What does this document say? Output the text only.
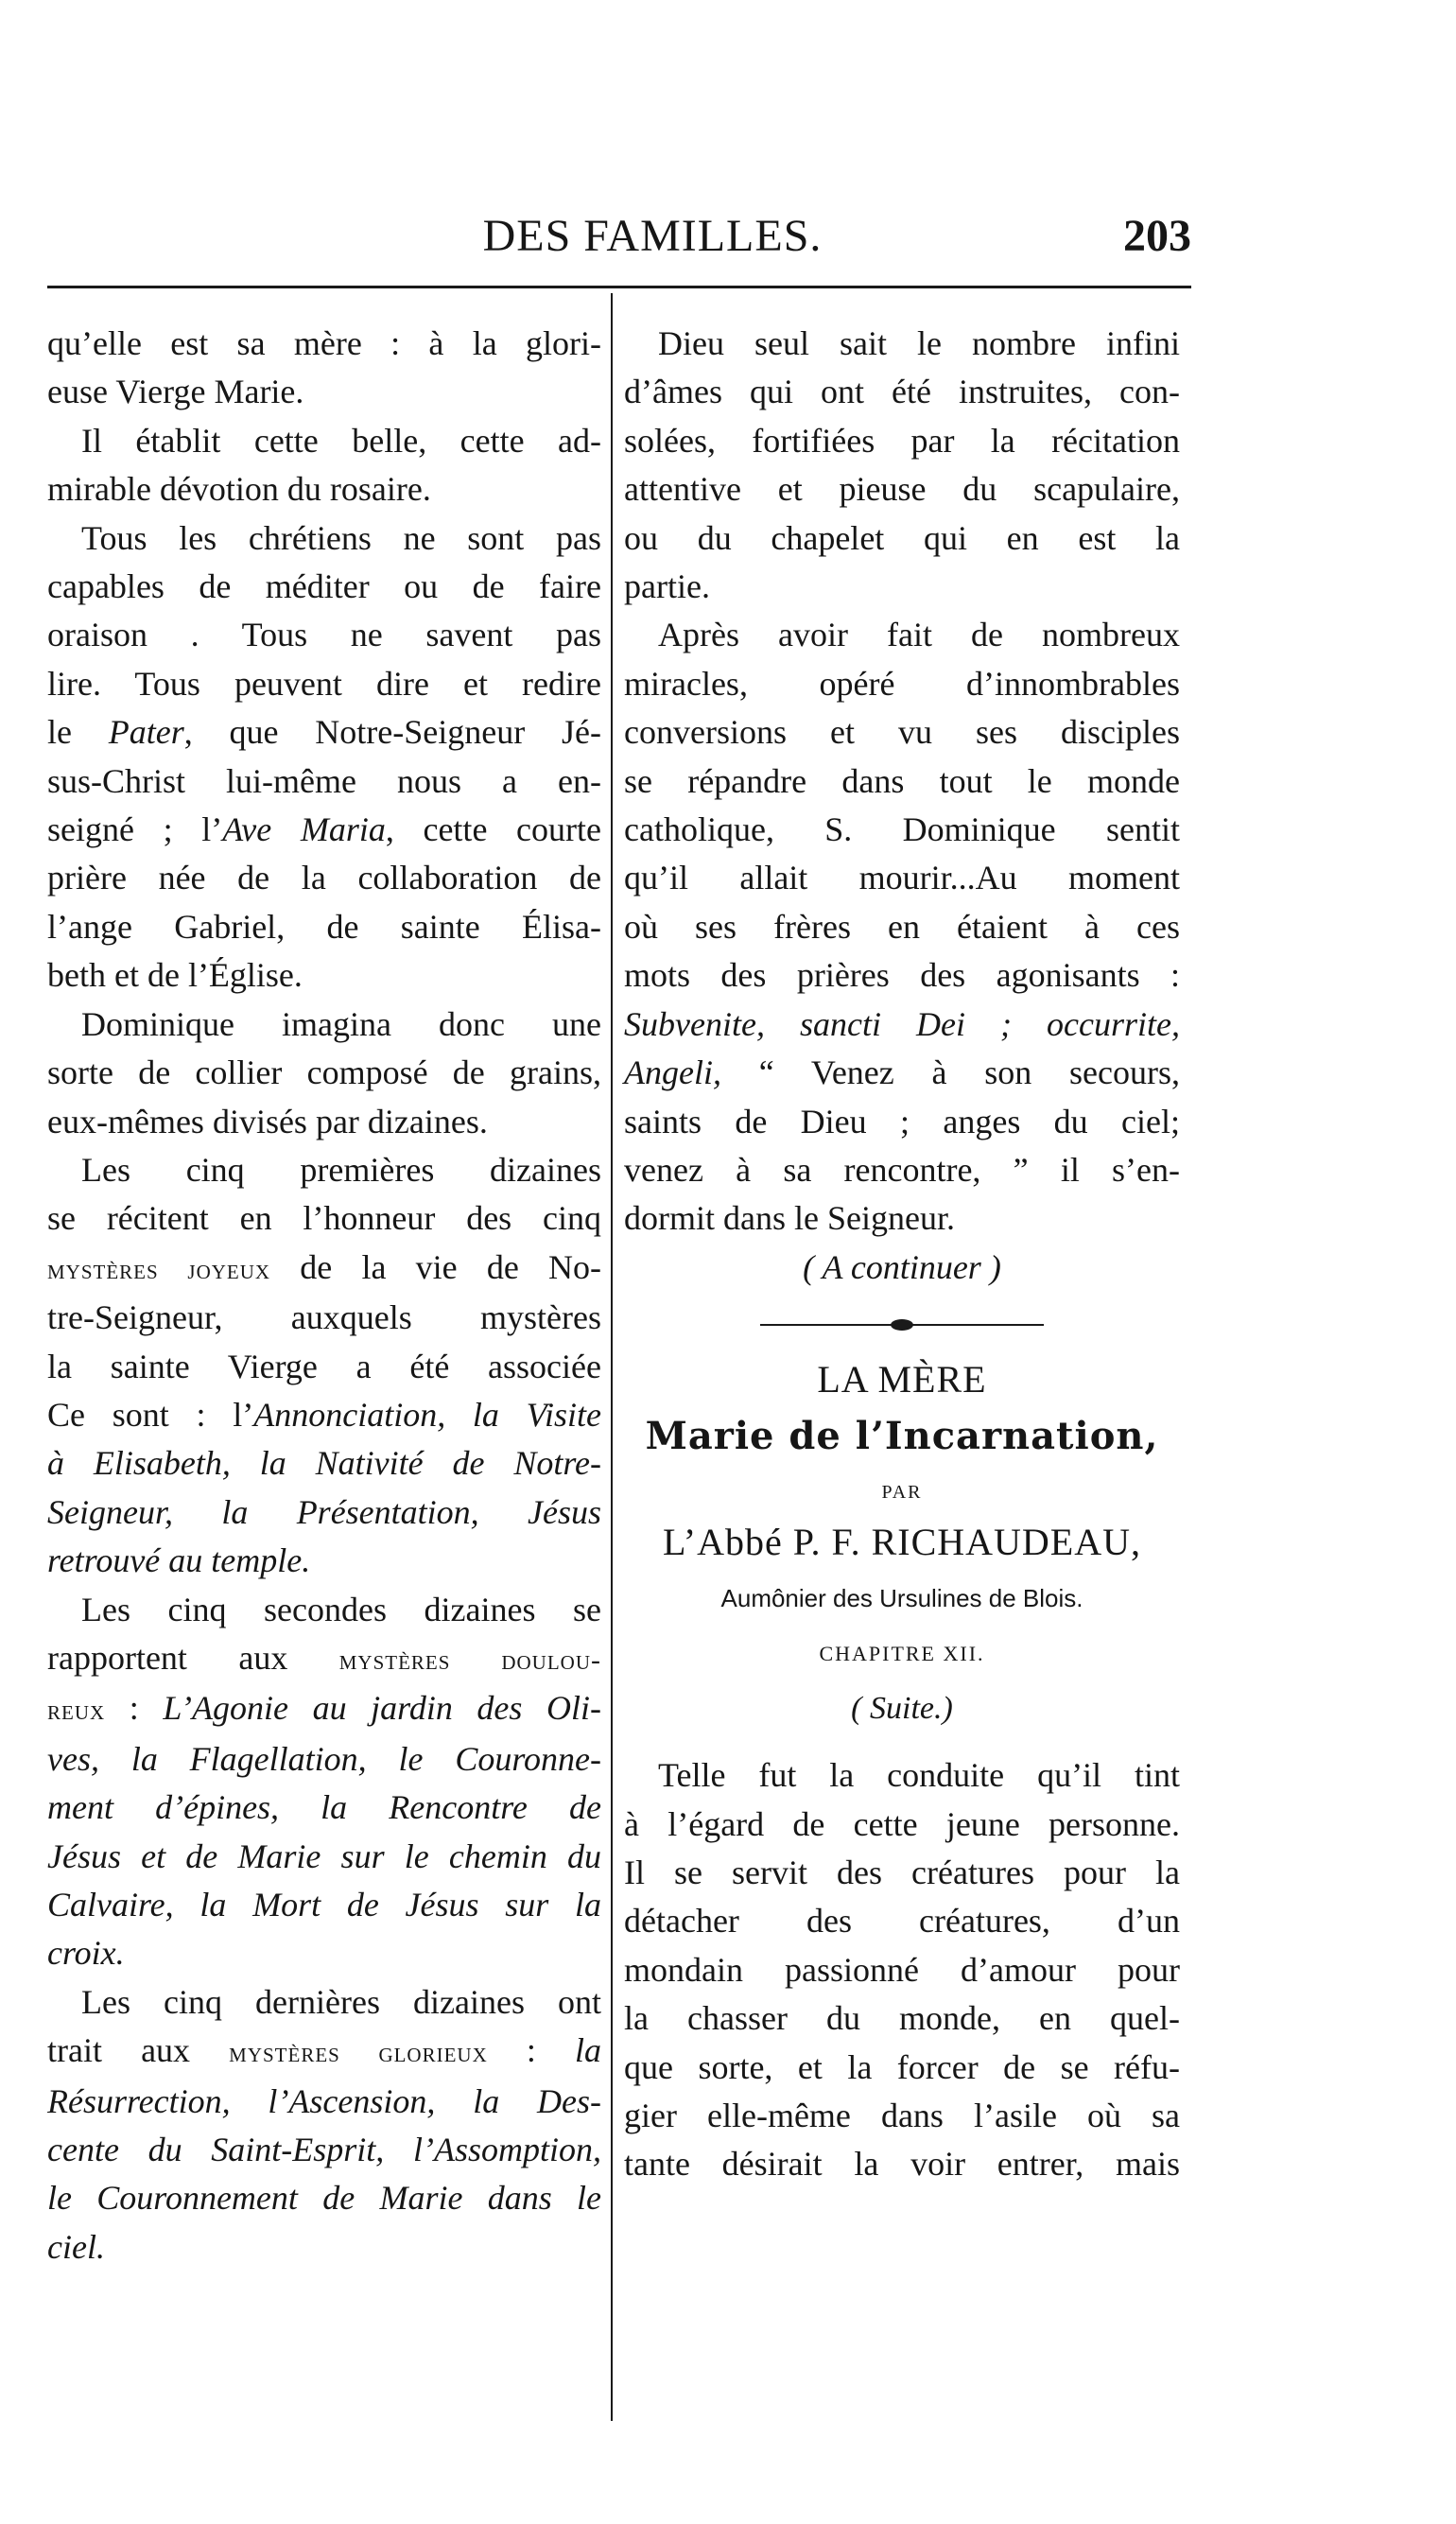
DES FAMILLES.	203
qu’elle est sa mère : à la glori-
euse Vierge Marie.
Il établit cette belle, cette ad-
mirable dévotion du rosaire.
Tous les chrétiens ne sont pas
capables de méditer ou de faire
oraison . Tous ne savent pas
lire. Tous peuvent dire et redire
le Pater, que Notre-Seigneur Jé-
sus-Christ lui-même nous a en-
seigné ; l’Ave Maria, cette courte
prière née de la collaboration de
l’ange Gabriel, de sainte Élisa-
beth et de l’Église.
Dominique imagina donc une
sorte de collier composé de grains,
eux-mêmes divisés par dizaines.
Les cinq premières dizaines
se récitent en l’honneur des cinq
mystères joyeux de la vie de No-
tre-Seigneur, auxquels mystères
la sainte Vierge a été associée
Ce sont : l’Annonciation, la Visite
à Elisabeth, la Nativité de Notre-
Seigneur, la Présentation, Jésus
retrouvé au temple.
Les cinq secondes dizaines se
rapportent aux mystères doulou-
reux : L’Agonie au jardin des Oli-
ves, la Flagellation, le Couronne-
ment d’épines, la Rencontre de
Jésus et de Marie sur le chemin du
Calvaire, la Mort de Jésus sur la
croix.
Les cinq dernières dizaines ont
trait aux mystères glorieux : la
Résurrection, l’Ascension, la Des-
cente du Saint-Esprit, l’Assomption,
le Couronnement de Marie dans le
ciel.
Dieu seul sait le nombre infini
d’âmes qui ont été instruites, con-
solées, fortifiées par la récitation
attentive et pieuse du scapulaire,
ou du chapelet qui en est la
partie.
Après avoir fait de nombreux
miracles, opéré d’innombrables
conversions et vu ses disciples
se répandre dans tout le monde
catholique, S. Dominique sentit
qu’il allait mourir...Au moment
où ses frères en étaient à ces
mots des prières des agonisants :
Subvenite, sancti Dei ; occurrite,
Angeli, “ Venez à son secours,
saints de Dieu ; anges du ciel;
venez à sa rencontre, ” il s’en-
dormit dans le Seigneur.
( A continuer )
LA MÈRE
Marie de l’Incarnation,
PAR
L’Abbé P. F. RICHAUDEAU,
Aumônier des Ursulines de Blois.
CHAPITRE XII.
( Suite.)
Telle fut la conduite qu’il tint
à l’égard de cette jeune personne.
Il se servit des créatures pour la
détacher des créatures, d’un
mondain passionné d’amour pour
la chasser du monde, en quel-
que sorte, et la forcer de se réfu-
gier elle-même dans l’asile où sa
tante désirait la voir entrer, mais
